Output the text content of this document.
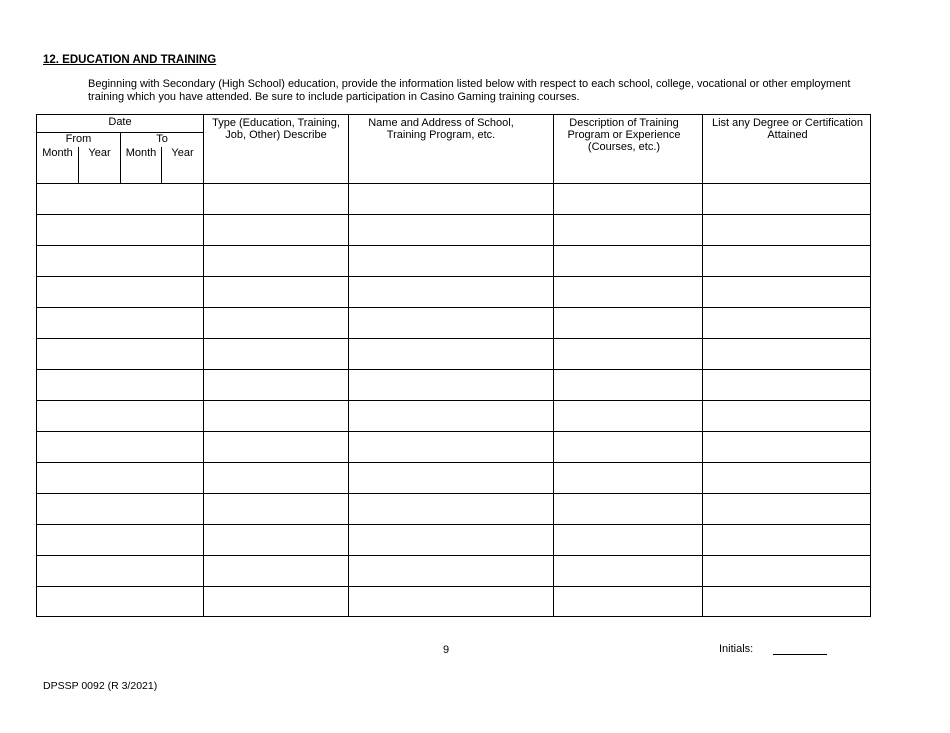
12. EDUCATION AND TRAINING
Beginning with Secondary (High School) education, provide the information listed below with respect to each school, college, vocational or other employment training which you have attended. Be sure to include participation in Casino Gaming training courses.
Date				Type (Education, Training, Job, Other) Describe	Name and Address of School, Training Program, etc.	Description of Training Program or Experience (Courses, etc.)	List any Degree or Certification Attained
From		To					
Month	Year	Month	Year				

9	Initials:
DPSSP 0092 (R 3/2021)
